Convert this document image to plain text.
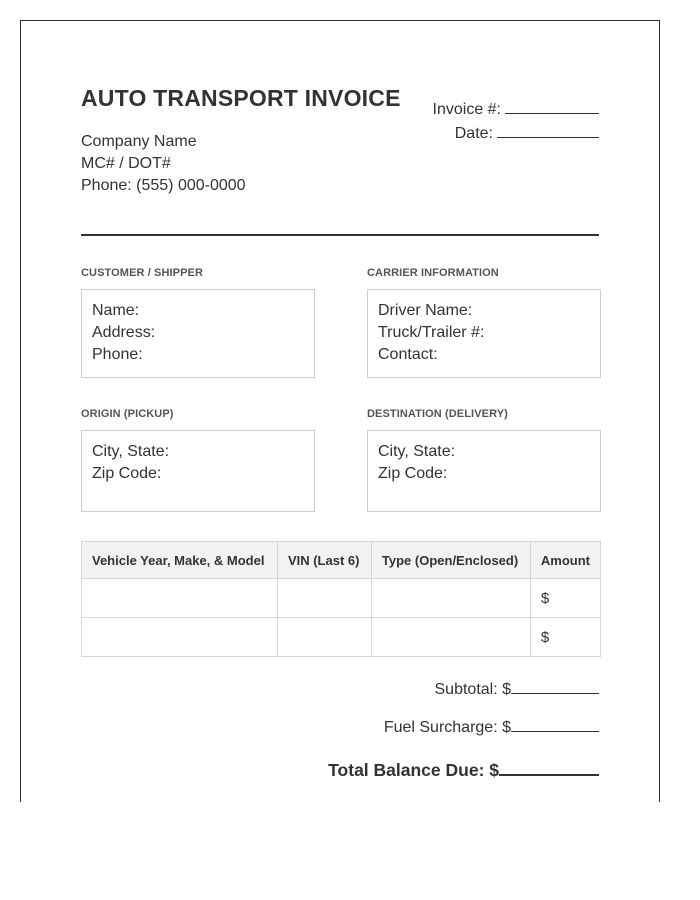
AUTO TRANSPORT INVOICE
Company Name
MC# / DOT#
Phone: (555) 000-0000
Invoice #:
Date:
CUSTOMER / SHIPPER
Name:
Address:
Phone:
CARRIER INFORMATION
Driver Name:
Truck/Trailer #:
Contact:
ORIGIN (PICKUP)
City, State:
Zip Code:
DESTINATION (DELIVERY)
City, State:
Zip Code:
Vehicle Year, Make, & Model	VIN (Last 6)	Type (Open/Enclosed)	Amount
			$
			$
Subtotal: $
Fuel Surcharge: $
Total Balance Due: $
